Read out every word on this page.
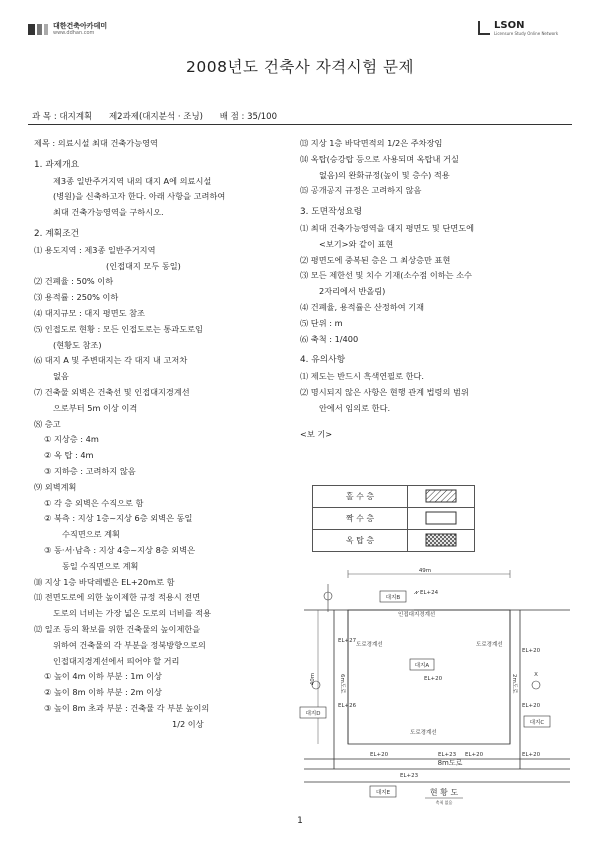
대한건축아카데미
www.ddhan.com
LSON
Licensure Study Online Network
2008년도 건축사 자격시험 문제
과 목 : 대지계획 제2과제(대지분석 · 조닝) 배 점 : 35/100

제목 : 의료시설 최대 건축가능영역

1. 과제개요

제3종 일반주거지역 내의 대지 A에 의료시설

(병원)을 신축하고자 한다. 아래 사항을 고려하여

최대 건축가능영역을 구하시오.

2. 계획조건

⑴ 용도지역 : 제3종 일반주거지역

(인접대지 모두 동일)

⑵ 건폐율 : 50% 이하

⑶ 용적률 : 250% 이하

⑷ 대지규모 : 대지 평면도 참조

⑸ 인접도로 현황 : 모든 인접도로는 통과도로임

(현황도 참조)

⑹ 대지 A 및 주변대지는 각 대지 내 고저차

없음

⑺ 건축물 외벽은 건축선 및 인접대지경계선

으로부터 5m 이상 이격

⑻ 층고

① 지상층 : 4m

② 옥 탑 : 4m

③ 지하층 : 고려하지 않음

⑼ 외벽계획

① 각 층 외벽은 수직으로 함

② 북측 : 지상 1층~지상 6층 외벽은 동일

수직면으로 계획

③ 동·서·남측 : 지상 4층~지상 8층 외벽은

동일 수직면으로 계획

⑽ 지상 1층 바닥레벨은 EL+20m로 함

⑾ 전면도로에 의한 높이제한 규정 적용시 전면

도로의 너비는 가장 넓은 도로의 너비를 적용

⑿ 일조 등의 확보를 위한 건축물의 높이제한을

위하여 건축물의 각 부분을 정북방향으로의

인접대지경계선에서 띄어야 할 거리

① 높이 4m 이하 부분 : 1m 이상

② 높이 8m 이하 부분 : 2m 이상

③ 높이 8m 초과 부분 : 건축물 각 부분 높이의

1/2 이상

⒀ 지상 1층 바닥면적의 1/2은 주차장임

⒁ 옥탑(승강탑 등으로 사용되며 옥탑내 거실

없음)의 완화규정(높이 및 층수) 적용

⒂ 공개공지 규정은 고려하지 않음

3. 도면작성요령

⑴ 최대 건축가능영역을 대지 평면도 및 단면도에

<보기>와 같이 표현

⑵ 평면도에 중복된 층은 그 최상층만 표현

⑶ 모든 제한선 및 치수 기재(소수점 이하는 소수

2자리에서 반올림)

⑷ 건폐율, 용적률은 산정하여 기재

⑸ 단위 : m

⑹ 축척 : 1/400

4. 유의사항

⑴ 제도는 반드시 흑색연필로 한다.

⑵ 명시되지 않은 사항은 현행 관계 법령의 범위

안에서 임의로 한다.

<보 기>

홀 수 층	
짝 수 층	
옥 탑 층	
49m
대지B
EL+24
40m
인접대지경계선
도로경계선	도로경계선
도로경계선
대지A
EL+20
EL+27
EL+26
EL+20
EL+20
6m도로	2m도로	X
대지D
대지C
EL+20	EL+20	EL+20
EL+23
EL+23
8m도로
대지E	현 황 도
축척 없음
1
